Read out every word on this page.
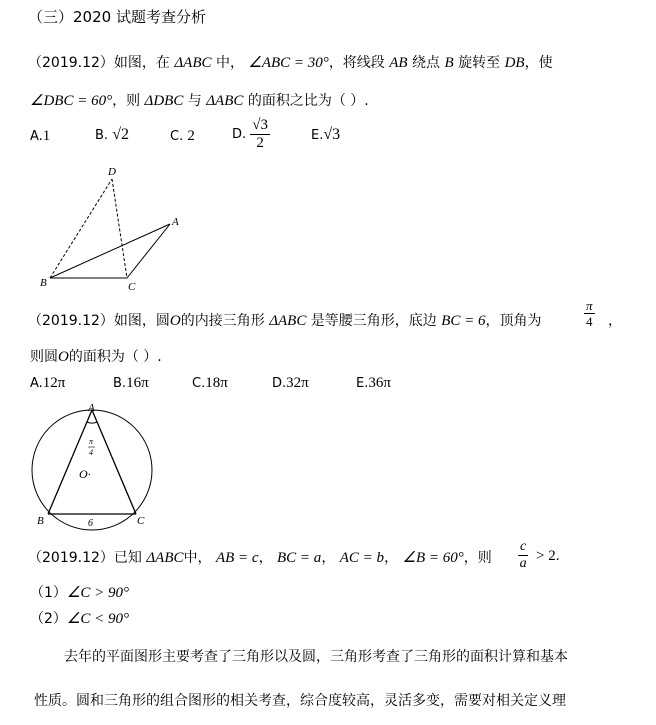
（三）2020 试题考查分析
（2019.12）如图，在 ΔABC 中， ∠ABC = 30°，将线段 AB 绕点 B 旋转至 DB，使
∠DBC = 60°，则 ΔDBC 与 ΔABC 的面积之比为（ ）.
A.1	B. √2	C. 2	D. $\frac{√3}{2}$	E.√3
D
A
B	C
（2019.12）如图，圆O的内接三角形 ΔABC 是等腰三角形，底边 BC = 6，顶角为	$\frac{\pi}{4}$ ，
则圆O的面积为（ ）.
A.12π	B.16π	C.18π	D.32π	E.36π
A
B	C
O·
6
π
4
（2019.12）已知 ΔABC中， AB = c， BC = a， AC = b， ∠B = 60°，则 $\frac{c}{a} > 2$.
（1）∠C > 90°
（2）∠C < 90°
去年的平面图形主要考查了三角形以及圆，三角形考查了三角形的面积计算和基本
性质。圆和三角形的组合图形的相关考查，综合度较高，灵活多变，需要对相关定义理
